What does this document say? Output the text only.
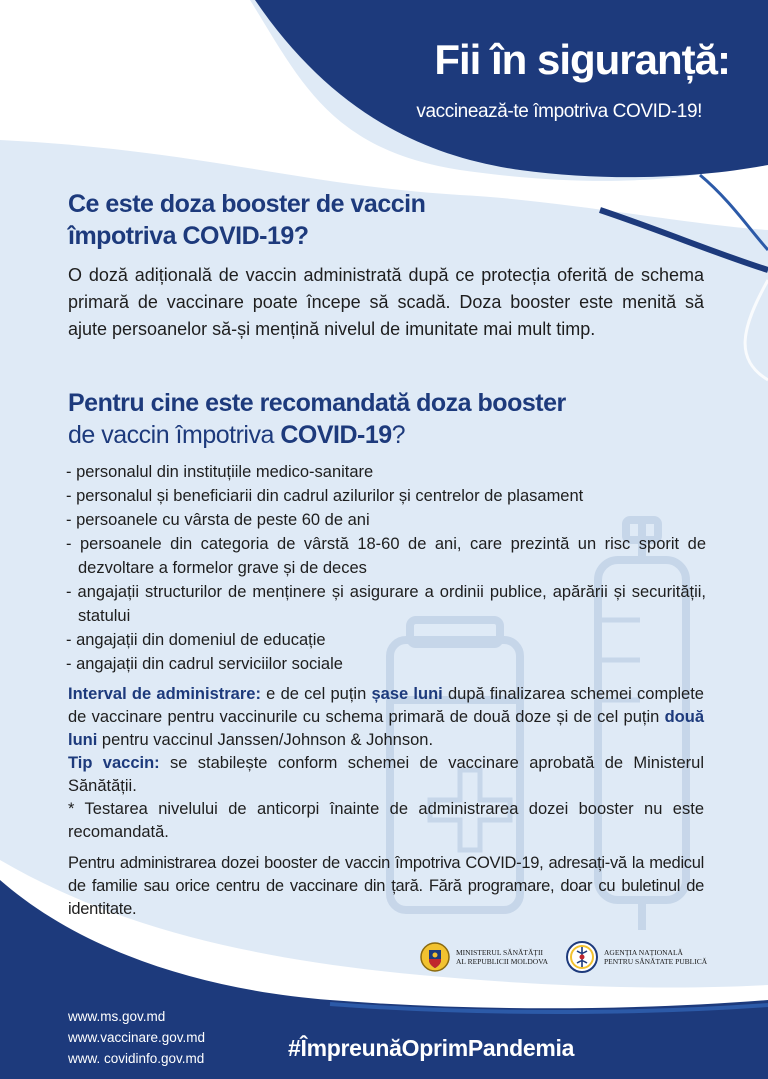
Fii în siguranță:
vaccinează-te împotriva COVID-19!
Ce este doza booster de vaccin
împotriva COVID-19?
O doză adițională de vaccin administrată după ce protecția oferită de schema primară de vaccinare poate începe să scadă. Doza booster este menită să ajute persoanelor să-și mențină nivelul de imunitate mai mult timp.
Pentru cine este recomandată doza booster
de vaccin împotriva COVID-19?
- personalul din instituțiile medico-sanitare
- personalul și beneficiarii din cadrul azilurilor și centrelor de plasament
- persoanele cu vârsta de peste 60 de ani
- persoanele din categoria de vârstă 18-60 de ani, care prezintă un risc sporit de dezvoltare a formelor grave și de deces
- angajații structurilor de menținere și asigurare a ordinii publice, apărării și securității, statului
- angajații din domeniul de educație
- angajații din cadrul serviciilor sociale

Interval de administrare: e de cel puțin șase luni după finalizarea schemei complete de vaccinare pentru vaccinurile cu schema primară de două doze și de cel puțin două luni pentru vaccinul Janssen/Johnson & Johnson.

Tip vaccin: se stabilește conform schemei de vaccinare aprobată de Ministerul Sănătății.

* Testarea nivelului de anticorpi înainte de administrarea dozei booster nu este recomandată.

Pentru administrarea dozei booster de vaccin împotriva COVID-19, adresați-vă la medicul de familie sau orice centru de vaccinare din țară. Fără programare, doar cu buletinul de identitate.
MINISTERUL SĂNĂTĂȚII
AL REPUBLICII MOLDOVA
AGENȚIA NAȚIONALĂ
PENTRU SĂNĂTATE PUBLICĂ
www.ms.gov.md
www.vaccinare.gov.md
www. covidinfo.gov.md	#ÎmpreunăOprimPandemia
